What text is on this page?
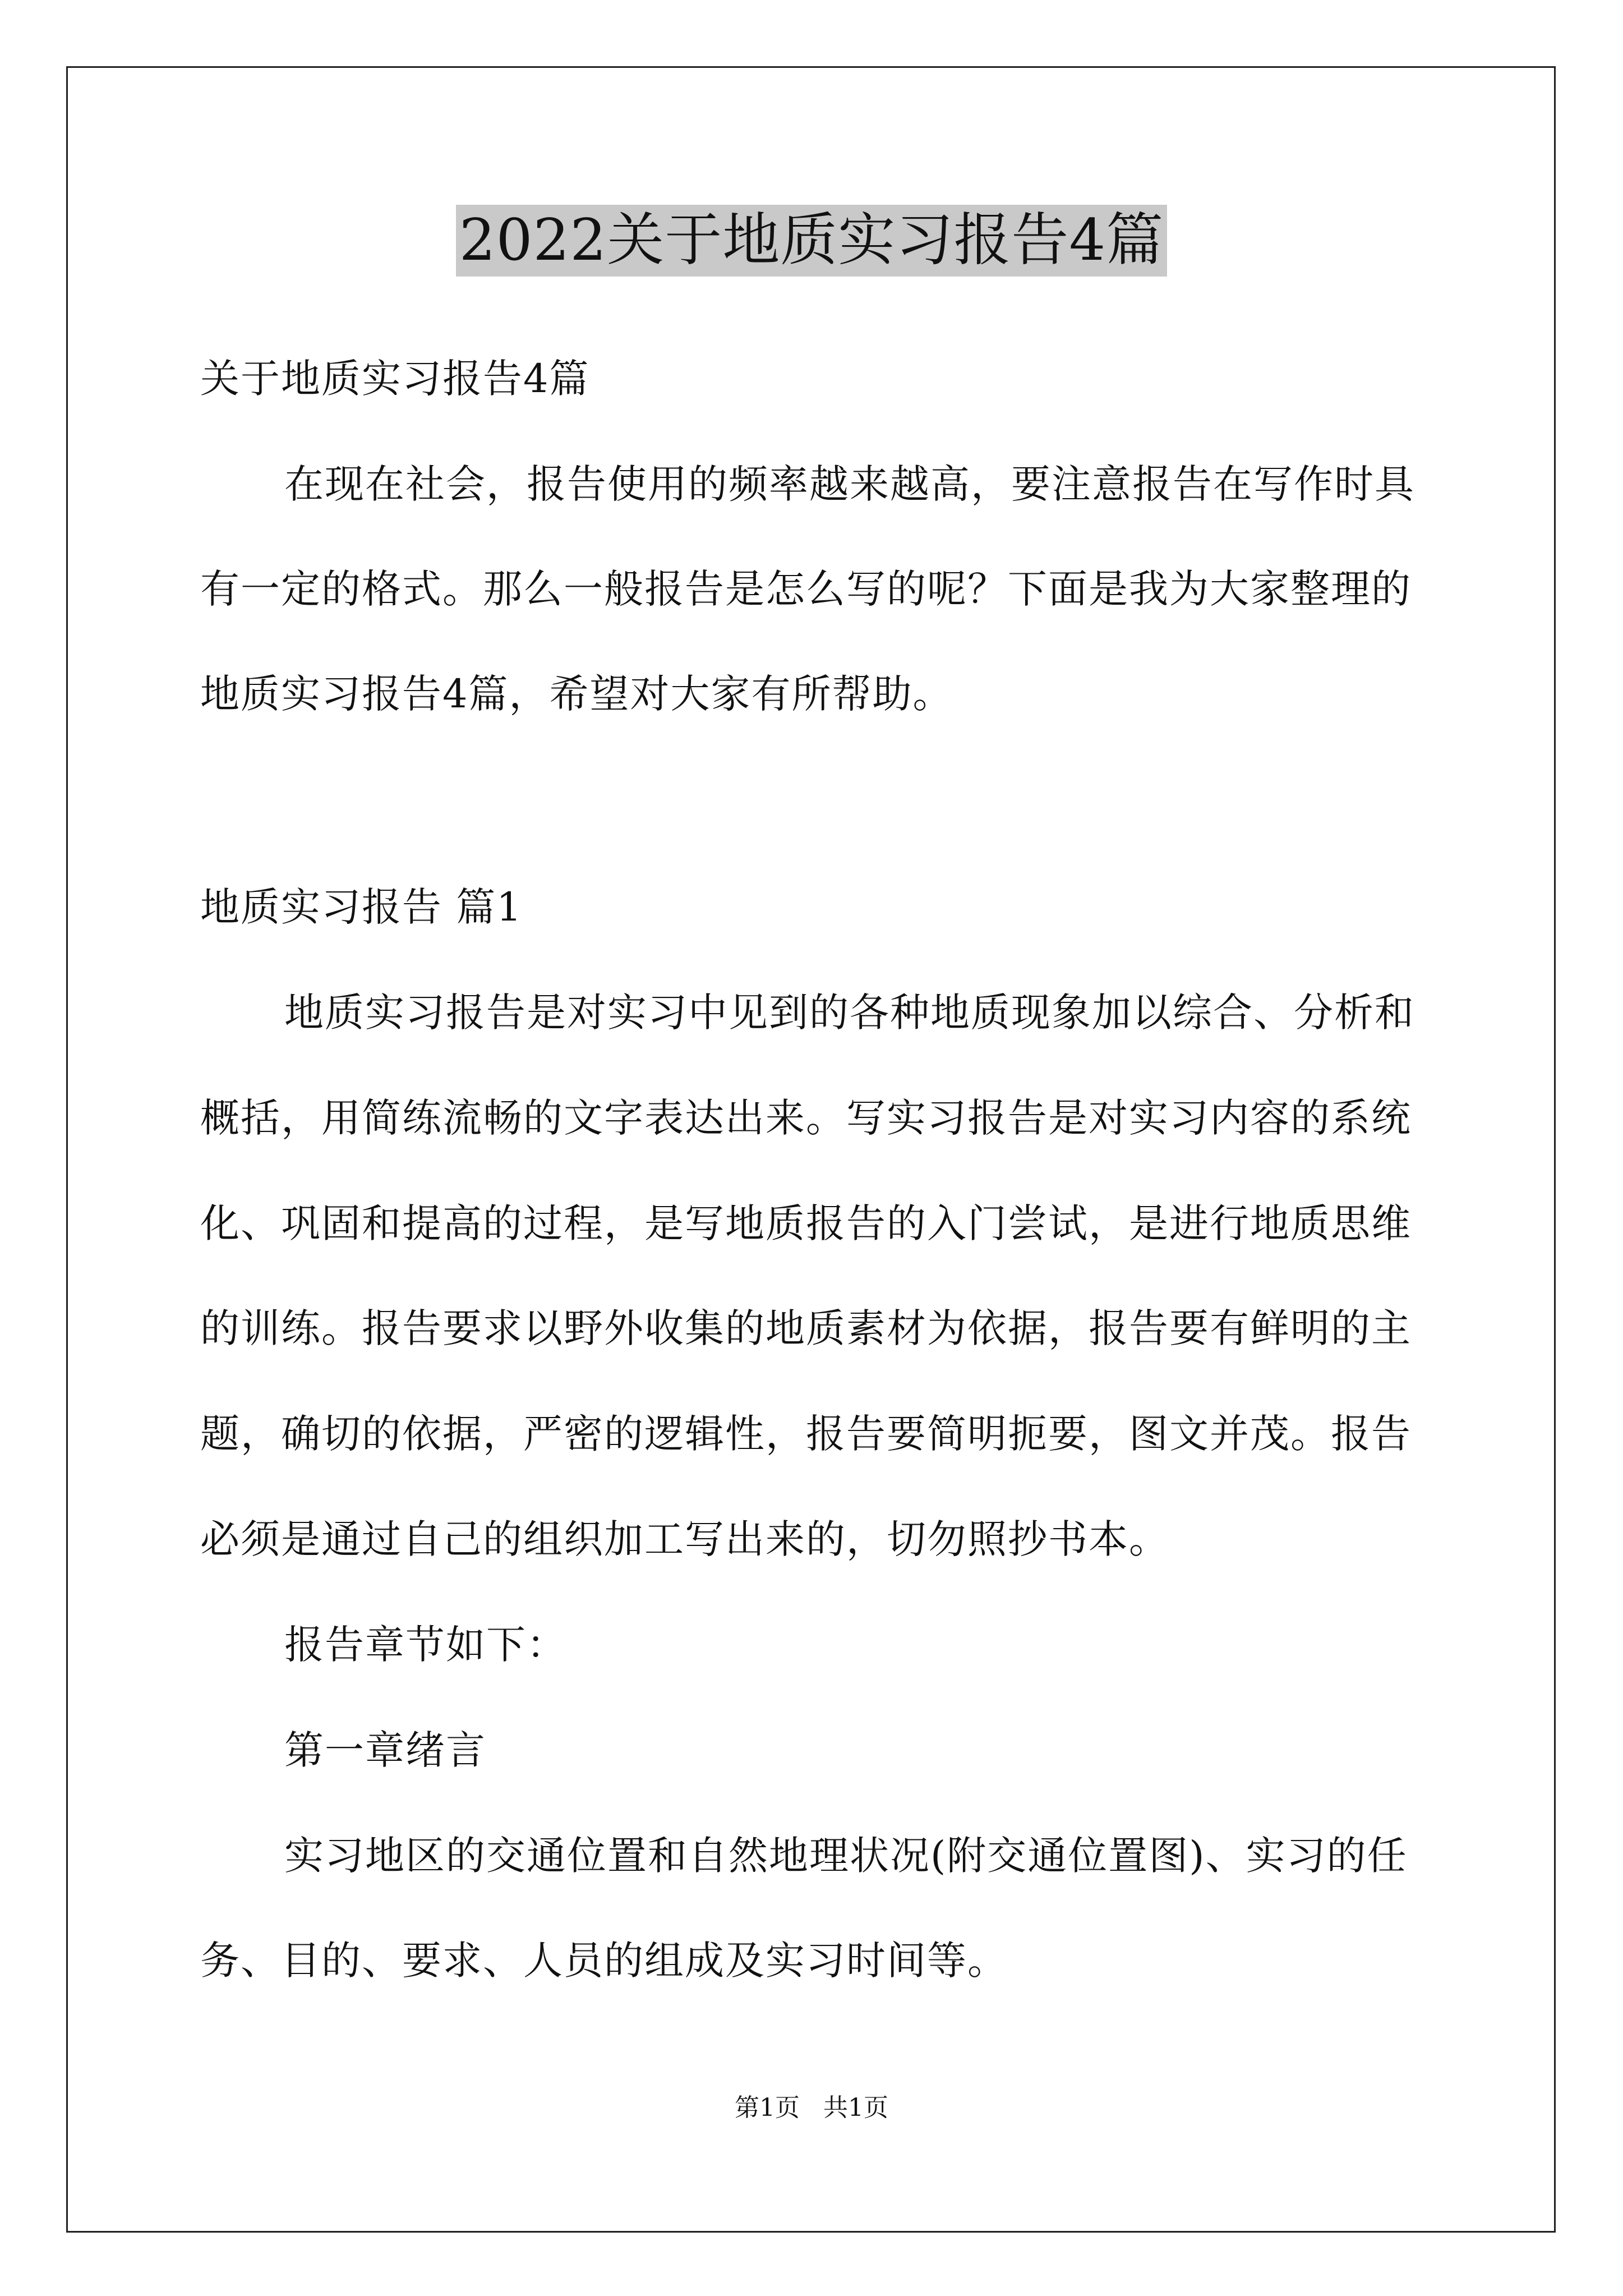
2022关于地质实习报告4篇
关于地质实习报告4篇
在现在社会，报告使用的频率越来越高，要注意报告在写作时具
有一定的格式。那么一般报告是怎么写的呢？下面是我为大家整理的
地质实习报告4篇，希望对大家有所帮助。
地质实习报告 篇1
地质实习报告是对实习中见到的各种地质现象加以综合、分析和
概括，用简练流畅的文字表达出来。写实习报告是对实习内容的系统
化、巩固和提高的过程，是写地质报告的入门尝试，是进行地质思维
的训练。报告要求以野外收集的地质素材为依据，报告要有鲜明的主
题，确切的依据，严密的逻辑性，报告要简明扼要，图文并茂。报告
必须是通过自己的组织加工写出来的，切勿照抄书本。
报告章节如下：
第一章绪言
实习地区的交通位置和自然地理状况(附交通位置图)、实习的任
务、目的、要求、人员的组成及实习时间等。
第1页 共1页
